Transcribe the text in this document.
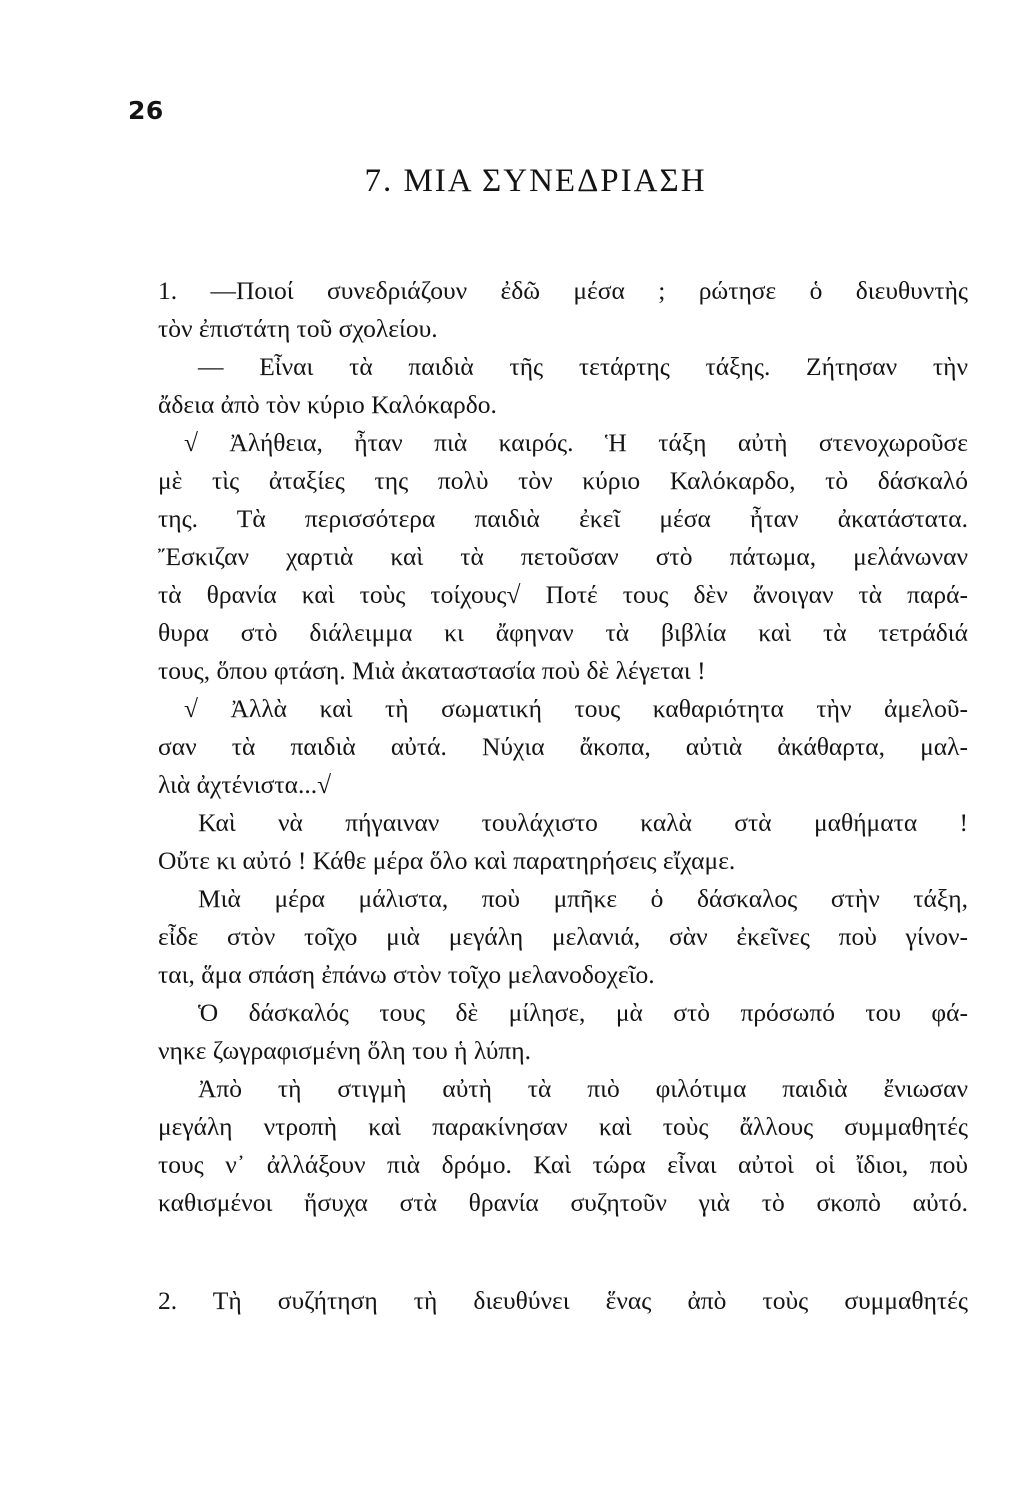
26
7. ΜΙΑ ΣΥΝΕΔΡΙΑΣΗ
1. —Ποιοί συνεδριάζουν ἐδῶ μέσα ; ρώτησε ὁ διευθυντὴς
τὸν ἐπιστάτη τοῦ σχολείου.
— Εἶναι τὰ παιδιὰ τῆς τετάρτης τάξης. Ζήτησαν τὴν
ἄδεια ἀπὸ τὸν κύριο Καλόκαρδο.
√ Ἀλήθεια, ἦταν πιὰ καιρός. Ἡ τάξη αὐτὴ στενοχωροῦσε
μὲ τὶς ἀταξίες της πολὺ τὸν κύριο Καλόκαρδο, τὸ δάσκαλό
της. Τὰ περισσότερα παιδιὰ ἐκεῖ μέσα ἦταν ἀκατάστατα.
Ἔσκιζαν χαρτιὰ καὶ τὰ πετοῦσαν στὸ πάτωμα, μελάνωναν
τὰ θρανία καὶ τοὺς τοίχους√ Ποτέ τους δὲν ἄνοιγαν τὰ παρά-
θυρα στὸ διάλειμμα κι ἄφηναν τὰ βιβλία καὶ τὰ τετράδιά
τους, ὅπου φτάση. Μιὰ ἀκαταστασία ποὺ δὲ λέγεται !
√ Ἀλλὰ καὶ τὴ σωματική τους καθαριότητα τὴν ἀμελοῦ-
σαν τὰ παιδιὰ αὐτά. Νύχια ἄκοπα, αὐτιὰ ἀκάθαρτα, μαλ-
λιὰ ἀχτένιστα...√
Καὶ νὰ πήγαιναν τουλάχιστο καλὰ στὰ μαθήματα !
Οὔτε κι αὐτό ! Κάθε μέρα ὅλο καὶ παρατηρήσεις εἴχαμε.
Μιὰ μέρα μάλιστα, ποὺ μπῆκε ὁ δάσκαλος στὴν τάξη,
εἶδε στὸν τοῖχο μιὰ μεγάλη μελανιά, σὰν ἐκεῖνες ποὺ γίνον-
ται, ἅμα σπάση ἐπάνω στὸν τοῖχο μελανοδοχεῖο.
Ὁ δάσκαλός τους δὲ μίλησε, μὰ στὸ πρόσωπό του φά-
νηκε ζωγραφισμένη ὅλη του ἡ λύπη.
Ἀπὸ τὴ στιγμὴ αὐτὴ τὰ πιὸ φιλότιμα παιδιὰ ἔνιωσαν
μεγάλη ντροπὴ καὶ παρακίνησαν καὶ τοὺς ἄλλους συμμαθητές
τους ν᾿ ἀλλάξουν πιὰ δρόμο. Καὶ τώρα εἶναι αὐτοὶ οἱ ἴδιοι, ποὺ
καθισμένοι ἥσυχα στὰ θρανία συζητοῦν γιὰ τὸ σκοπὸ αὐτό.
2. Τὴ συζήτηση τὴ διευθύνει ἕνας ἀπὸ τοὺς συμμαθητές
